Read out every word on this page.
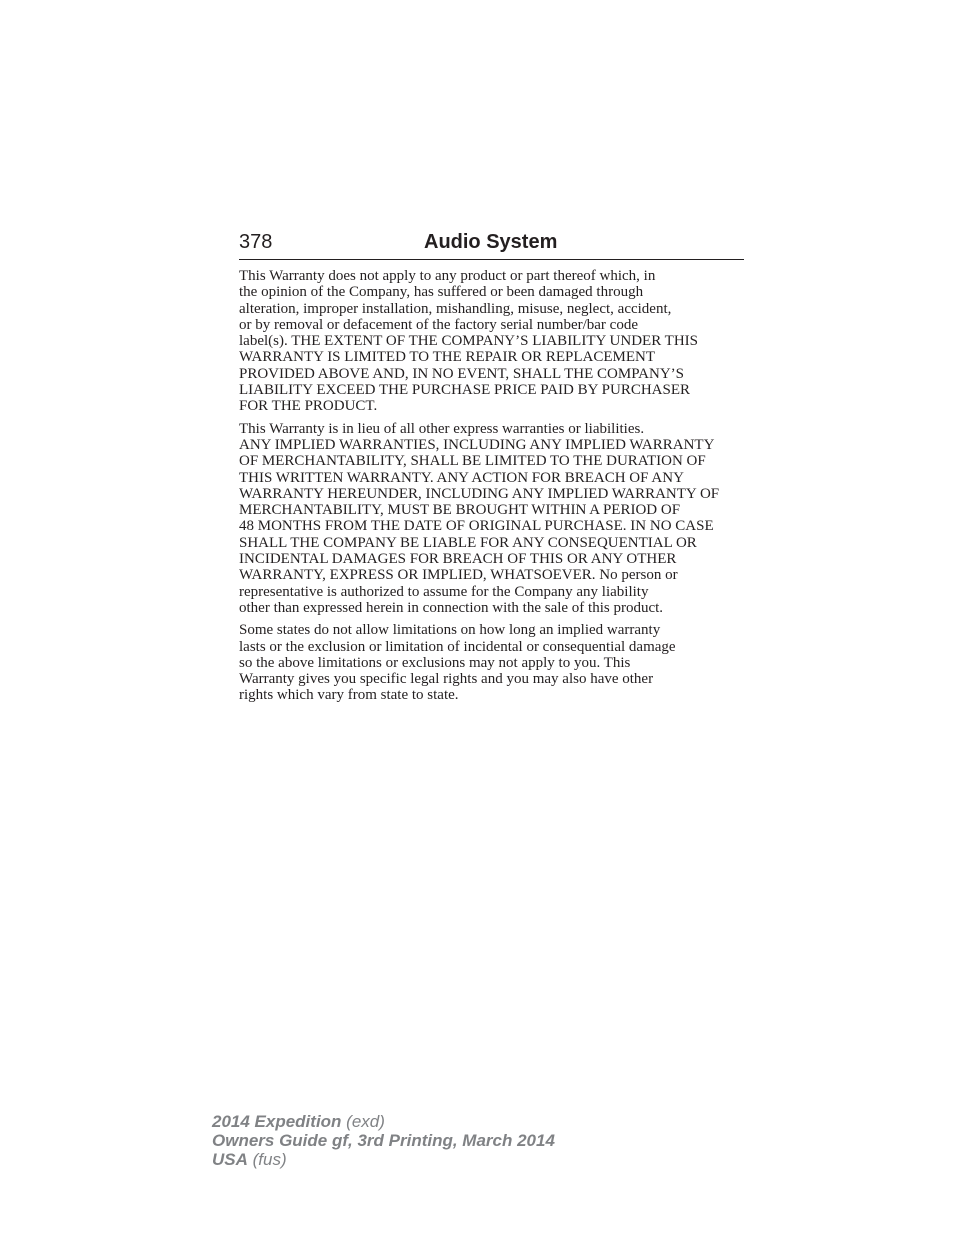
378	Audio System

This Warranty does not apply to any product or part thereof which, in
the opinion of the Company, has suffered or been damaged through
alteration, improper installation, mishandling, misuse, neglect, accident,
or by removal or defacement of the factory serial number/bar code
label(s). THE EXTENT OF THE COMPANY’S LIABILITY UNDER THIS
WARRANTY IS LIMITED TO THE REPAIR OR REPLACEMENT
PROVIDED ABOVE AND, IN NO EVENT, SHALL THE COMPANY’S
LIABILITY EXCEED THE PURCHASE PRICE PAID BY PURCHASER
FOR THE PRODUCT.

This Warranty is in lieu of all other express warranties or liabilities.
ANY IMPLIED WARRANTIES, INCLUDING ANY IMPLIED WARRANTY
OF MERCHANTABILITY, SHALL BE LIMITED TO THE DURATION OF
THIS WRITTEN WARRANTY. ANY ACTION FOR BREACH OF ANY
WARRANTY HEREUNDER, INCLUDING ANY IMPLIED WARRANTY OF
MERCHANTABILITY, MUST BE BROUGHT WITHIN A PERIOD OF
48 MONTHS FROM THE DATE OF ORIGINAL PURCHASE. IN NO CASE
SHALL THE COMPANY BE LIABLE FOR ANY CONSEQUENTIAL OR
INCIDENTAL DAMAGES FOR BREACH OF THIS OR ANY OTHER
WARRANTY, EXPRESS OR IMPLIED, WHATSOEVER. No person or
representative is authorized to assume for the Company any liability
other than expressed herein in connection with the sale of this product.

Some states do not allow limitations on how long an implied warranty
lasts or the exclusion or limitation of incidental or consequential damage
so the above limitations or exclusions may not apply to you. This
Warranty gives you specific legal rights and you may also have other
rights which vary from state to state.

2014 Expedition (exd)
Owners Guide gf, 3rd Printing, March 2014
USA (fus)
